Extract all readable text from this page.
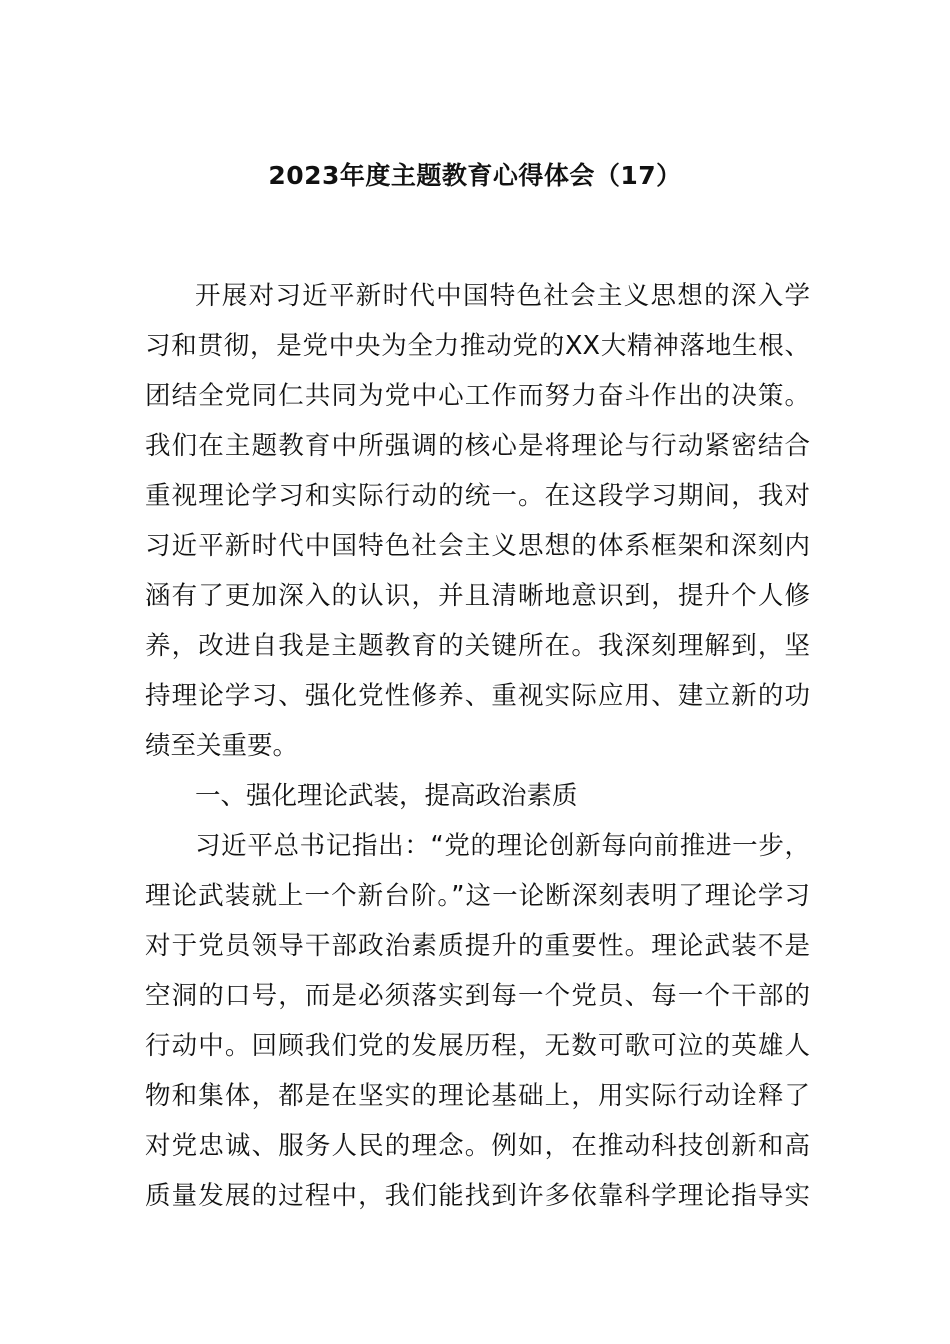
2023年度主题教育心得体会（17）
开展对习近平新时代中国特色社会主义思想的深入学
习和贯彻，是党中央为全力推动党的XX大精神落地生根、
团结全党同仁共同为党中心工作而努力奋斗作出的决策。
我们在主题教育中所强调的核心是将理论与行动紧密结合
重视理论学习和实际行动的统一。在这段学习期间，我对
习近平新时代中国特色社会主义思想的体系框架和深刻内
涵有了更加深入的认识，并且清晰地意识到，提升个人修
养，改进自我是主题教育的关键所在。我深刻理解到，坚
持理论学习、强化党性修养、重视实际应用、建立新的功
绩至关重要。
一、强化理论武装，提高政治素质
习近平总书记指出：“党的理论创新每向前推进一步，
理论武装就上一个新台阶。”这一论断深刻表明了理论学习
对于党员领导干部政治素质提升的重要性。理论武装不是
空洞的口号，而是必须落实到每一个党员、每一个干部的
行动中。回顾我们党的发展历程，无数可歌可泣的英雄人
物和集体，都是在坚实的理论基础上，用实际行动诠释了
对党忠诚、服务人民的理念。例如，在推动科技创新和高
质量发展的过程中，我们能找到许多依靠科学理论指导实
